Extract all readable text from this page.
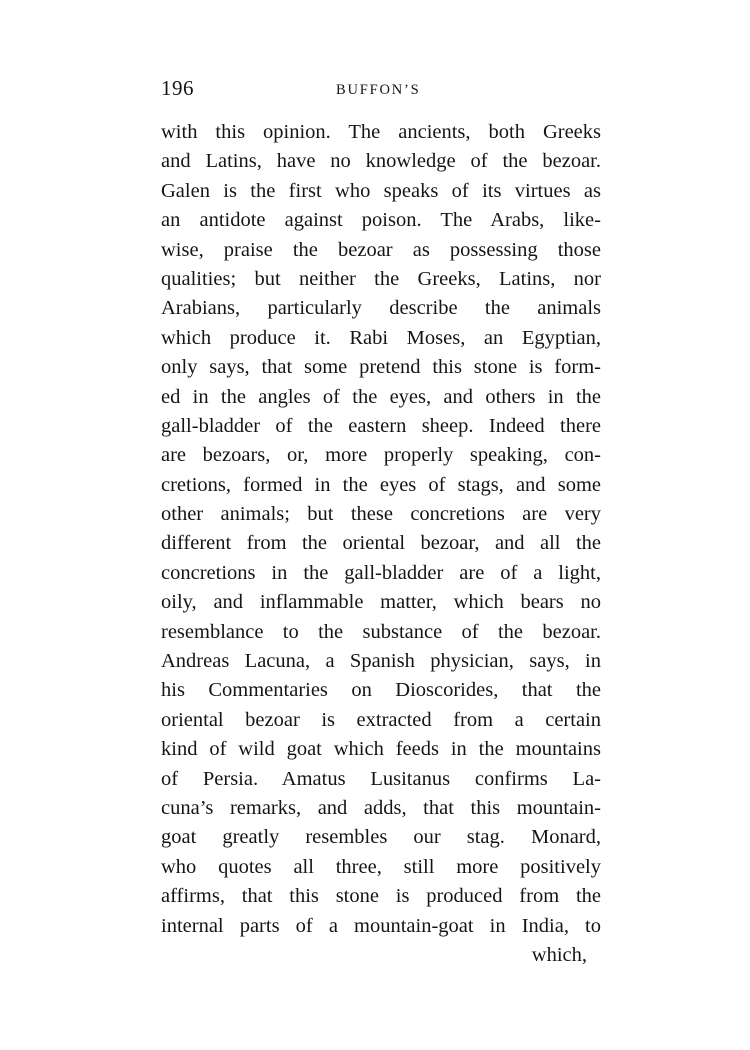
196	BUFFON’S
with this opinion. The ancients, both Greeks
and Latins, have no knowledge of the bezoar.
Galen is the first who speaks of its virtues as
an antidote against poison. The Arabs, like-
wise, praise the bezoar as possessing those
qualities; but neither the Greeks, Latins, nor
Arabians, particularly describe the animals
which produce it. Rabi Moses, an Egyptian,
only says, that some pretend this stone is form-
ed in the angles of the eyes, and others in the
gall-bladder of the eastern sheep. Indeed there
are bezoars, or, more properly speaking, con-
cretions, formed in the eyes of stags, and some
other animals; but these concretions are very
different from the oriental bezoar, and all the
concretions in the gall-bladder are of a light,
oily, and inflammable matter, which bears no
resemblance to the substance of the bezoar.
Andreas Lacuna, a Spanish physician, says, in
his Commentaries on Dioscorides, that the
oriental bezoar is extracted from a certain
kind of wild goat which feeds in the mountains
of Persia. Amatus Lusitanus confirms La-
cuna’s remarks, and adds, that this mountain-
goat greatly resembles our stag. Monard,
who quotes all three, still more positively
affirms, that this stone is produced from the
internal parts of a mountain-goat in India, to
which,
